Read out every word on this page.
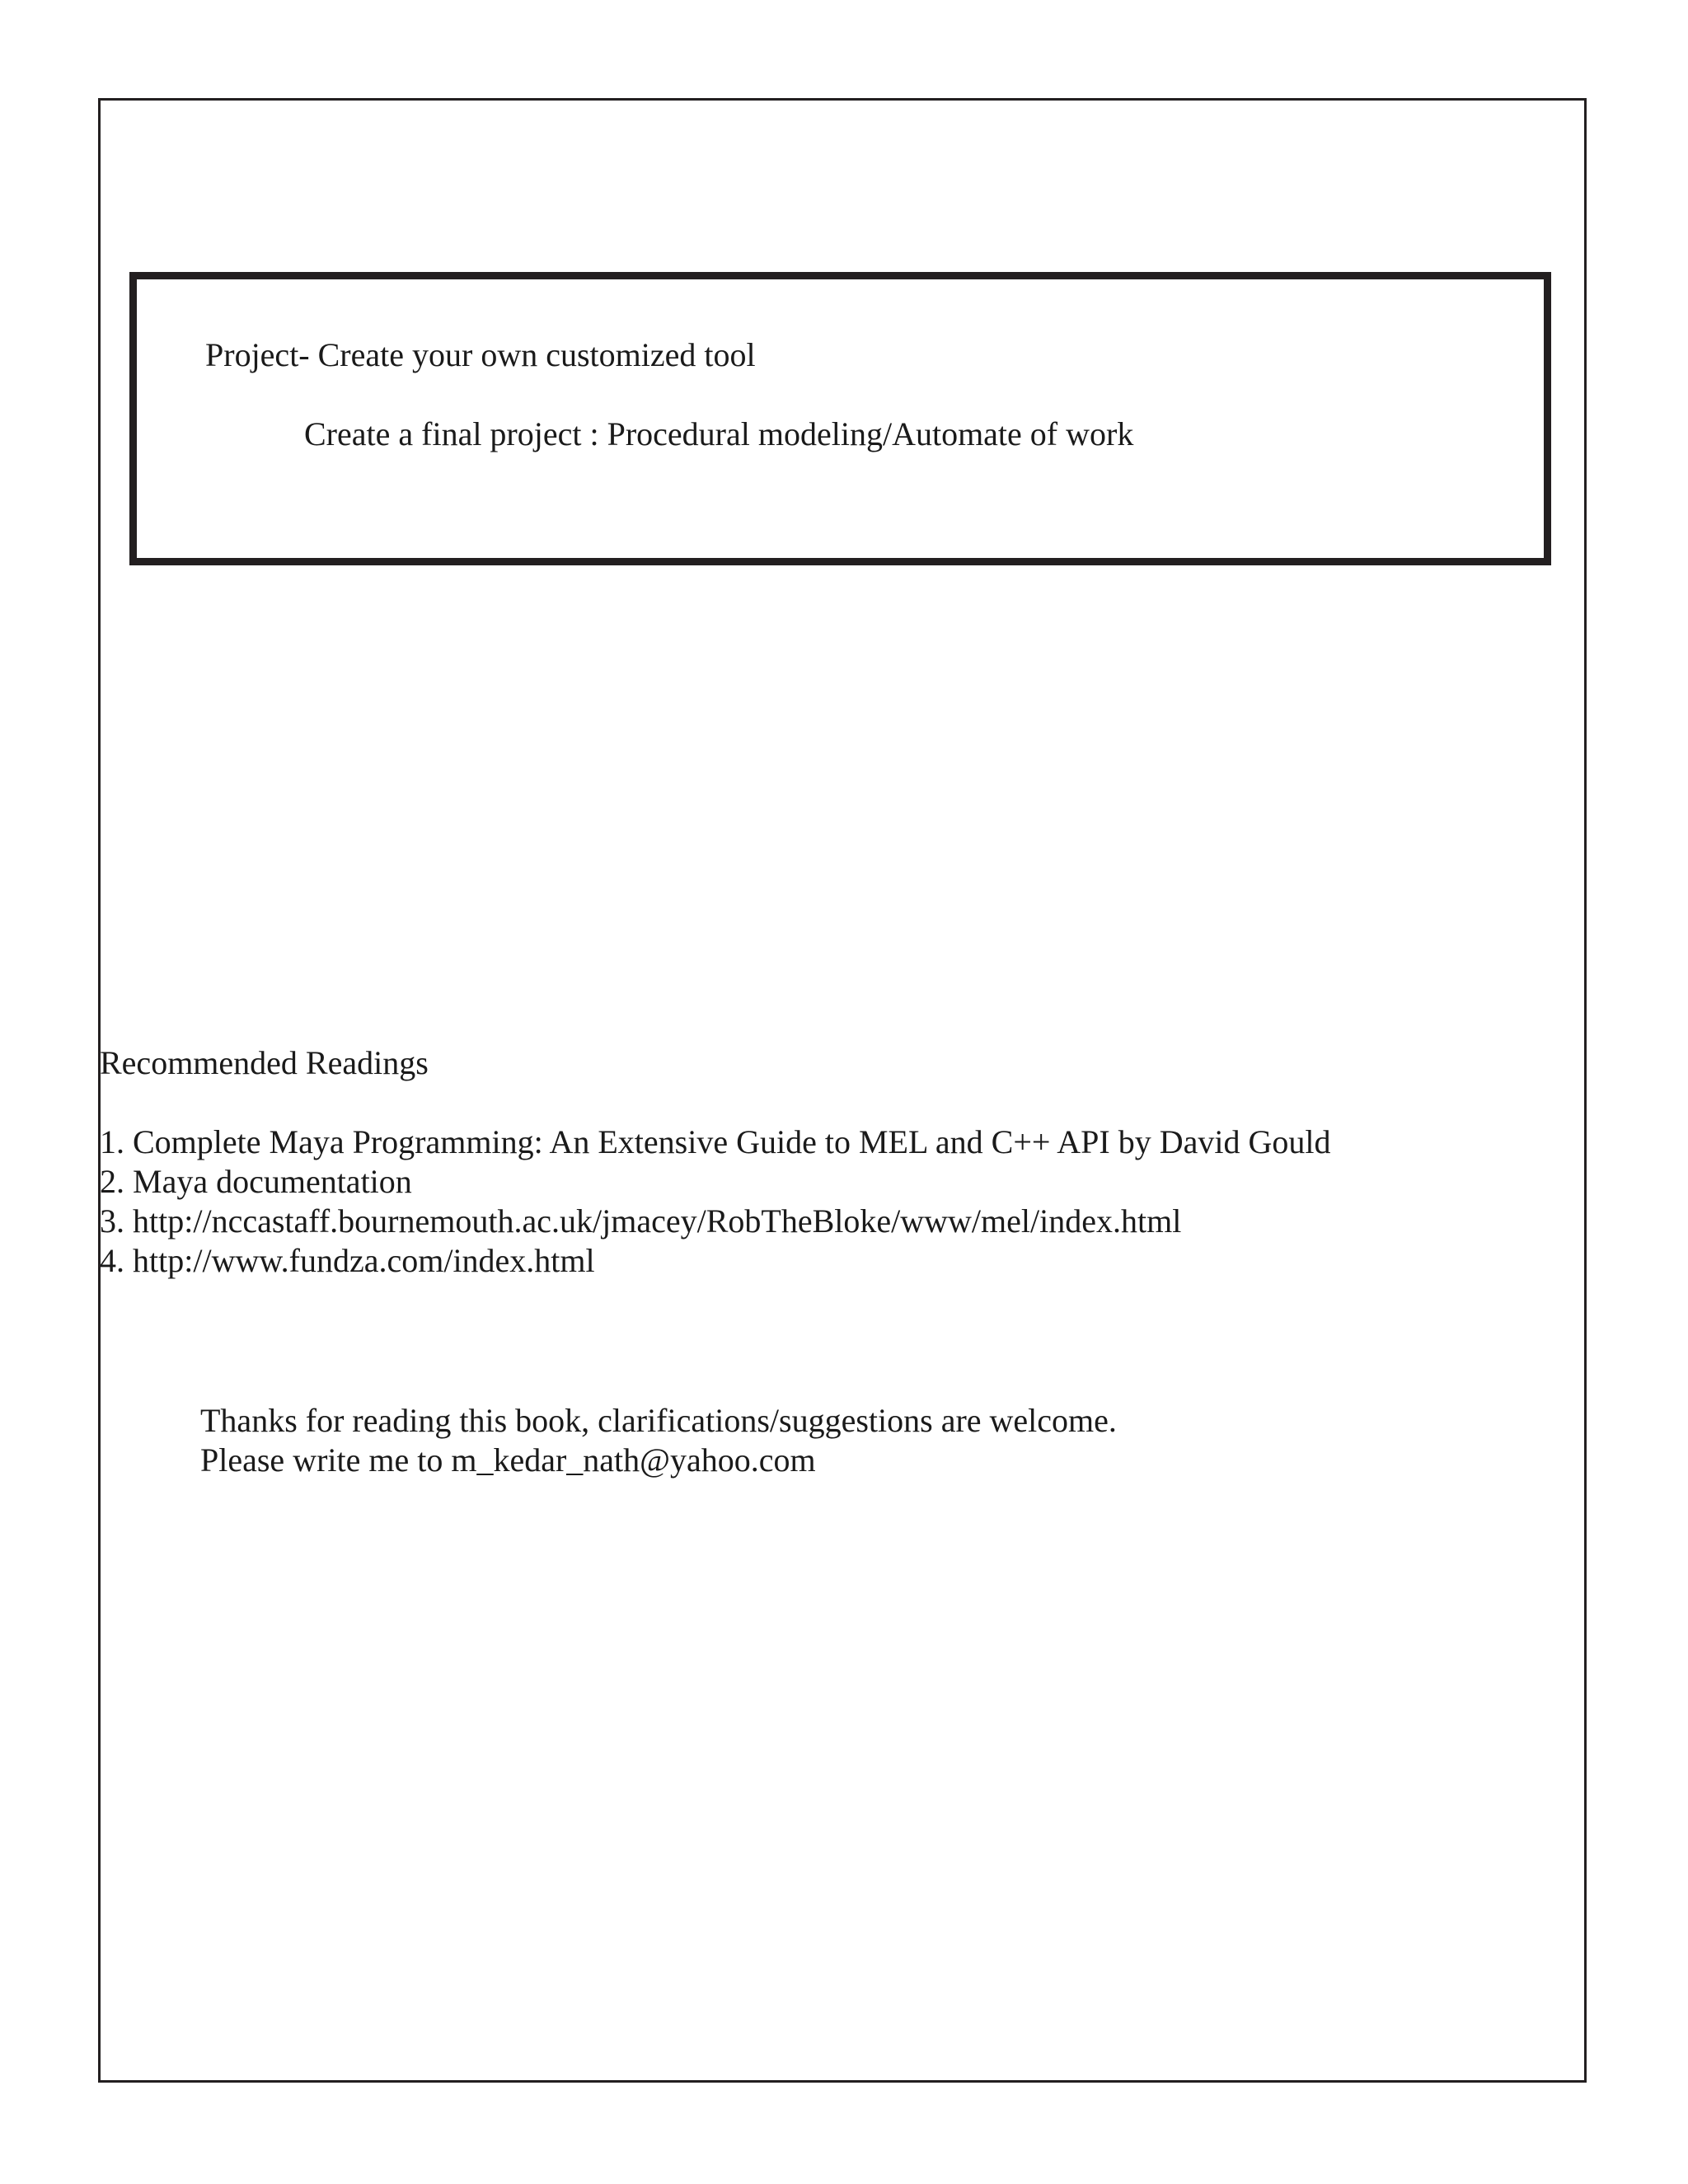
Project- Create your own customized tool
Create a final project : Procedural modeling/Automate of work
Recommended Readings
1. Complete Maya Programming: An Extensive Guide to MEL and C++ API by David Gould
2. Maya documentation
3. http://nccastaff.bournemouth.ac.uk/jmacey/RobTheBloke/www/mel/index.html
4. http://www.fundza.com/index.html

Thanks for reading this book, clarifications/suggestions are welcome.

Please write me to m_kedar_nath@yahoo.com
